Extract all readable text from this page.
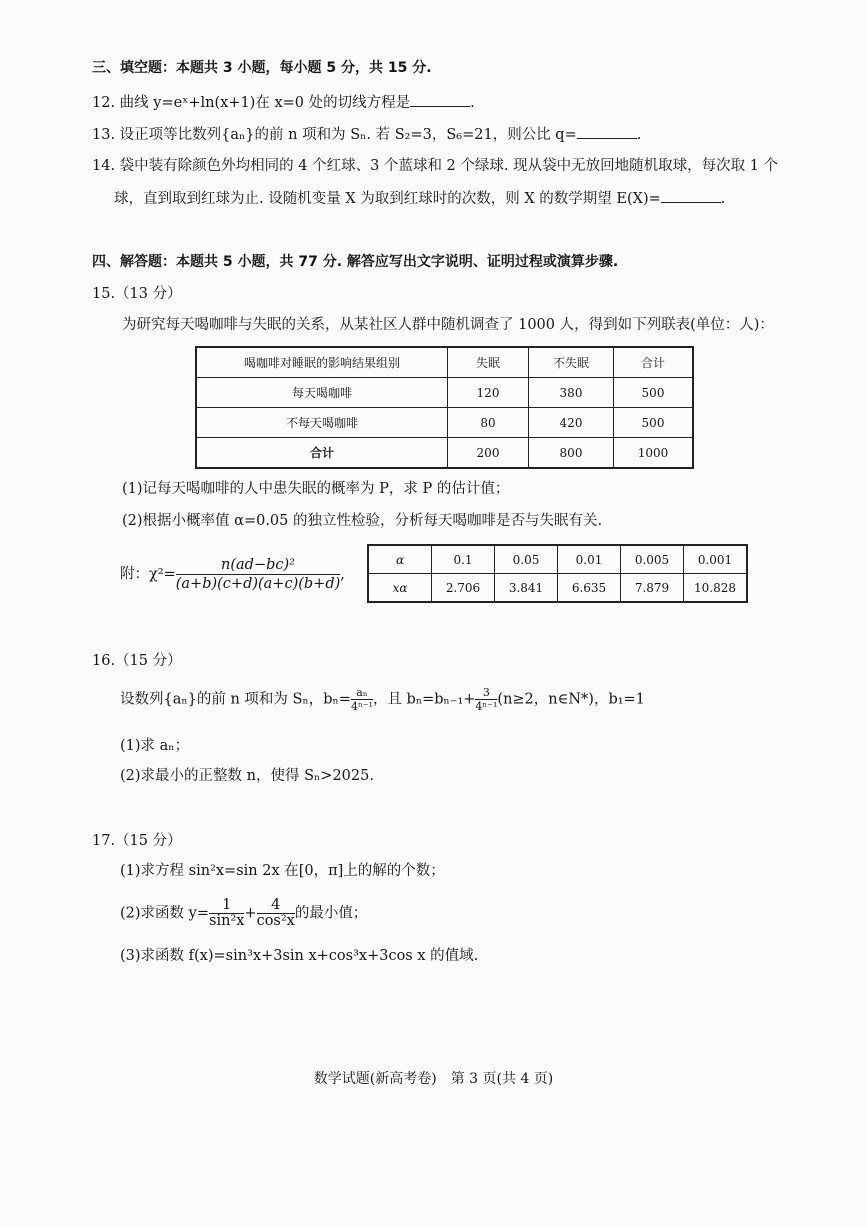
三、填空题：本题共 3 小题，每小题 5 分，共 15 分.
12. 曲线 y=eˣ+ln(x+1)在 x=0 处的切线方程是	.
13. 设正项等比数列{aₙ}的前 n 项和为 Sₙ. 若 S₂=3，S₆=21，则公比 q=	.
14. 袋中装有除颜色外均相同的 4 个红球、3 个蓝球和 2 个绿球. 现从袋中无放回地随机取球，每次取 1 个
球，直到取到红球为止. 设随机变量 X 为取到红球时的次数，则 X 的数学期望 E(X)=	.
四、解答题：本题共 5 小题，共 77 分. 解答应写出文字说明、证明过程或演算步骤.
15.（13 分）
为研究每天喝咖啡与失眠的关系，从某社区人群中随机调查了 1000 人，得到如下列联表(单位：人)：
喝咖啡对睡眠的影响结果组别	失眠	不失眠	合计
每天喝咖啡	120	380	500
不每天喝咖啡	80	420	500
合计	200	800	1000
(1)记每天喝咖啡的人中患失眠的概率为 P，求 P 的估计值；
(2)根据小概率值 α=0.05 的独立性检验，分析每天喝咖啡是否与失眠有关.
附：$\chi^2= \frac{\text{n(ad−bc)²}}{(a+b)(c+d)(a+c)(b+d)}$ ,
α	0.1	0.05	0.01	0.005	0.001
xα	2.706	3.841	6.635	7.879	10.828
16.（15 分）
设数列{aₙ}的前 n 项和为 Sₙ，$b_n= \frac{\text{aₙ}}{\text{4ⁿ⁻¹}}$ ，且 $b_n=b_{n-1}+ \frac{3}{\text{4ⁿ⁻¹}} (n\ge 2$，n∈N*)，b₁=1
(1)求 aₙ；
(2)求最小的正整数 n，使得 Sₙ>2025.
17.（15 分）
(1)求方程 sin²x=sin 2x 在[0，π]上的解的个数；
(2)求函数 $y= \frac{1}{\text{sin²x}} + \frac{4}{\text{cos²x}}$ 的最小值；
(3)求函数 f(x)=sin³x+3sin x+cos³x+3cos x 的值域.
数学试题(新高考卷)　第 3 页(共 4 页)
